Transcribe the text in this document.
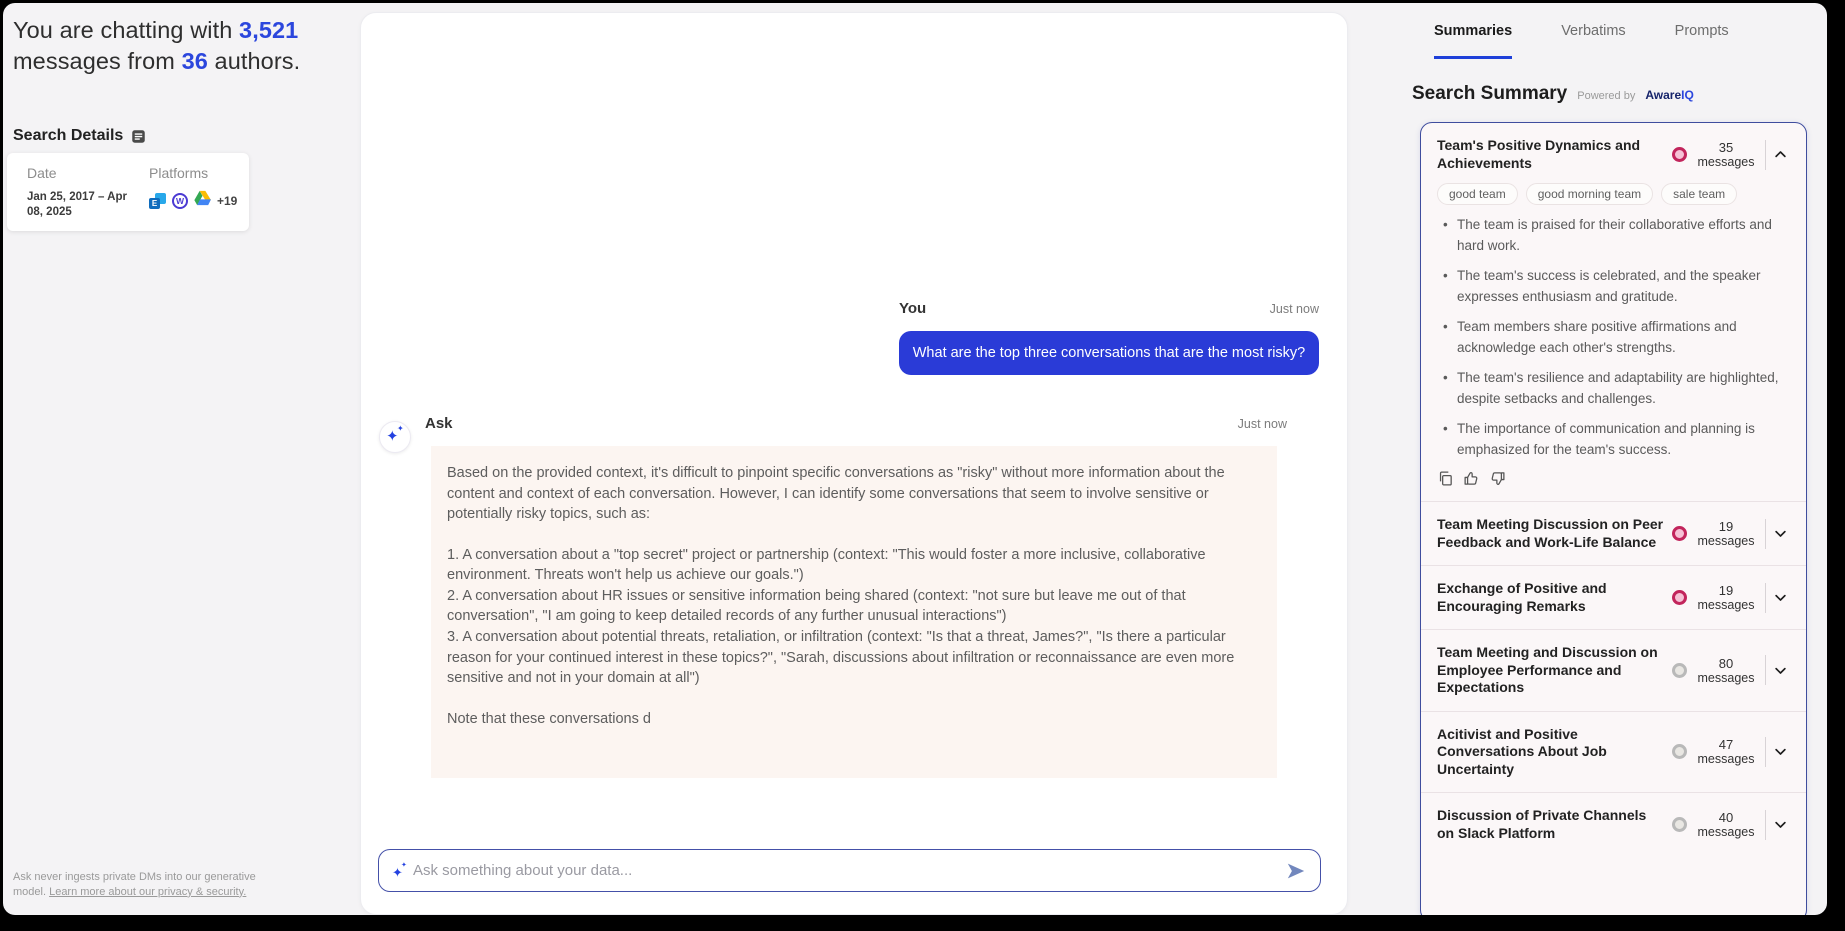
You are chatting with 3,521 messages from 36 authors.
Search Details
Date
Jan 25, 2017 – Apr 08, 2025
Platforms
E	W	+19
Ask never ingests private DMs into our generative
model. Learn more about our privacy & security.
You	Just now
What are the top three conversations that are the most risky?
✦
✦ Ask	Just now
Based on the provided context, it's difficult to pinpoint specific conversations as "risky" without more information about the content and context of each conversation. However, I can identify some conversations that seem to involve sensitive or potentially risky topics, such as:
1. A conversation about a "top secret" project or partnership (context: "This would foster a more inclusive, collaborative environment. Threats won't help us achieve our goals.")
2. A conversation about HR issues or sensitive information being shared (context: "not sure but leave me out of that conversation", "I am going to keep detailed records of any further unusual interactions")
3. A conversation about potential threats, retaliation, or infiltration (context: "Is that a threat, James?", "Is there a particular reason for your continued interest in these topics?", "Sarah, discussions about infiltration or reconnaissance are even more sensitive and not in your domain at all")
Note that these conversations d
✦
✦
Ask something about your data...
Summaries	Verbatims	Prompts
Search Summary Powered by AwareIQ
Team's Positive Dynamics and Achievements
35
messages
good team	good morning team	sale team
• The team is praised for their collaborative efforts and hard work.
• The team's success is celebrated, and the speaker expresses enthusiasm and gratitude.
• Team members share positive affirmations and acknowledge each other's strengths.
• The team's resilience and adaptability are highlighted, despite setbacks and challenges.
• The importance of communication and planning is emphasized for the team's success.
Team Meeting Discussion on Peer Feedback and Work-Life Balance
19
messages
Exchange of Positive and Encouraging Remarks
19
messages
Team Meeting and Discussion on Employee Performance and Expectations
80
messages
Acitivist and Positive Conversations About Job Uncertainty
47
messages
Discussion of Private Channels on Slack Platform
40
messages
